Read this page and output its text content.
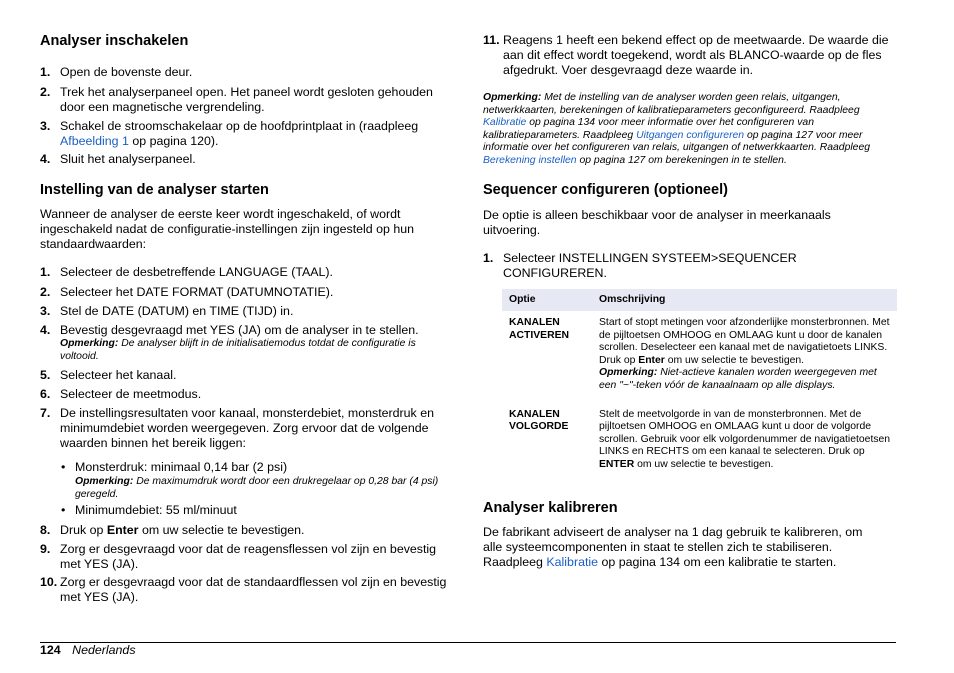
Analyser inschakelen
1. Open de bovenste deur.
2. Trek het analyserpaneel open. Het paneel wordt gesloten gehouden door een magnetische vergrendeling.
3. Schakel de stroomschakelaar op de hoofdprintplaat in (raadpleeg Afbeelding 1 op pagina 120).
4. Sluit het analyserpaneel.
Instelling van de analyser starten

Wanneer de analyser de eerste keer wordt ingeschakeld, of wordt ingeschakeld nadat de configuratie-instellingen zijn ingesteld op hun standaardwaarden:

1. Selecteer de desbetreffende LANGUAGE (TAAL).
2. Selecteer het DATE FORMAT (DATUMNOTATIE).
3. Stel de DATE (DATUM) en TIME (TIJD) in.
4. Bevestig desgevraagd met YES (JA) om de analyser in te stellen.
Opmerking: De analyser blijft in de initialisatiemodus totdat de configuratie is voltooid.
5. Selecteer het kanaal.
6. Selecteer de meetmodus.
7. De instellingsresultaten voor kanaal, monsterdebiet, monsterdruk en minimumdebiet worden weergegeven. Zorg ervoor dat de volgende waarden binnen het bereik liggen:
• Monsterdruk: minimaal 0,14 bar (2 psi)
Opmerking: De maximumdruk wordt door een drukregelaar op 0,28 bar (4 psi) geregeld.
• Minimumdebiet: 55 ml/minuut
8. Druk op Enter om uw selectie te bevestigen.
9. Zorg er desgevraagd voor dat de reagensflessen vol zijn en bevestig met YES (JA).
10. Zorg er desgevraagd voor dat de standaardflessen vol zijn en bevestig met YES (JA).
11. Reagens 1 heeft een bekend effect op de meetwaarde. De waarde die aan dit effect wordt toegekend, wordt als BLANCO-waarde op de fles afgedrukt. Voer desgevraagd deze waarde in.
Opmerking: Met de instelling van de analyser worden geen relais, uitgangen, netwerkkaarten, berekeningen of kalibratieparameters geconfigureerd. Raadpleeg Kalibratie op pagina 134 voor meer informatie over het configureren van kalibratieparameters. Raadpleeg Uitgangen configureren op pagina 127 voor meer informatie over het configureren van relais, uitgangen of netwerkkaarten. Raadpleeg Berekening instellen op pagina 127 om berekeningen in te stellen.
Sequencer configureren (optioneel)

De optie is alleen beschikbaar voor de analyser in meerkanaals uitvoering.

1. Selecteer INSTELLINGEN SYSTEEM>SEQUENCER CONFIGUREREN.
Optie	Omschrijving
KANALEN ACTIVEREN	Start of stopt metingen voor afzonderlijke monsterbronnen. Met de pijltoetsen OMHOOG en OMLAAG kunt u door de kanalen scrollen. Deselecteer een kanaal met de navigatietoets LINKS. Druk op Enter om uw selectie te bevestigen.
Opmerking: Niet-actieve kanalen worden weergegeven met een "~"-teken vóór de kanaalnaam op alle displays.
KANALEN VOLGORDE	Stelt de meetvolgorde in van de monsterbronnen. Met de pijltoetsen OMHOOG en OMLAAG kunt u door de volgorde scrollen. Gebruik voor elk volgordenummer de navigatietoetsen LINKS en RECHTS om een kanaal te selecteren. Druk op ENTER om uw selectie te bevestigen.
Analyser kalibreren

De fabrikant adviseert de analyser na 1 dag gebruik te kalibreren, om alle systeemcomponenten in staat te stellen zich te stabiliseren. Raadpleeg Kalibratie op pagina 134 om een kalibratie te starten.

124 Nederlands
